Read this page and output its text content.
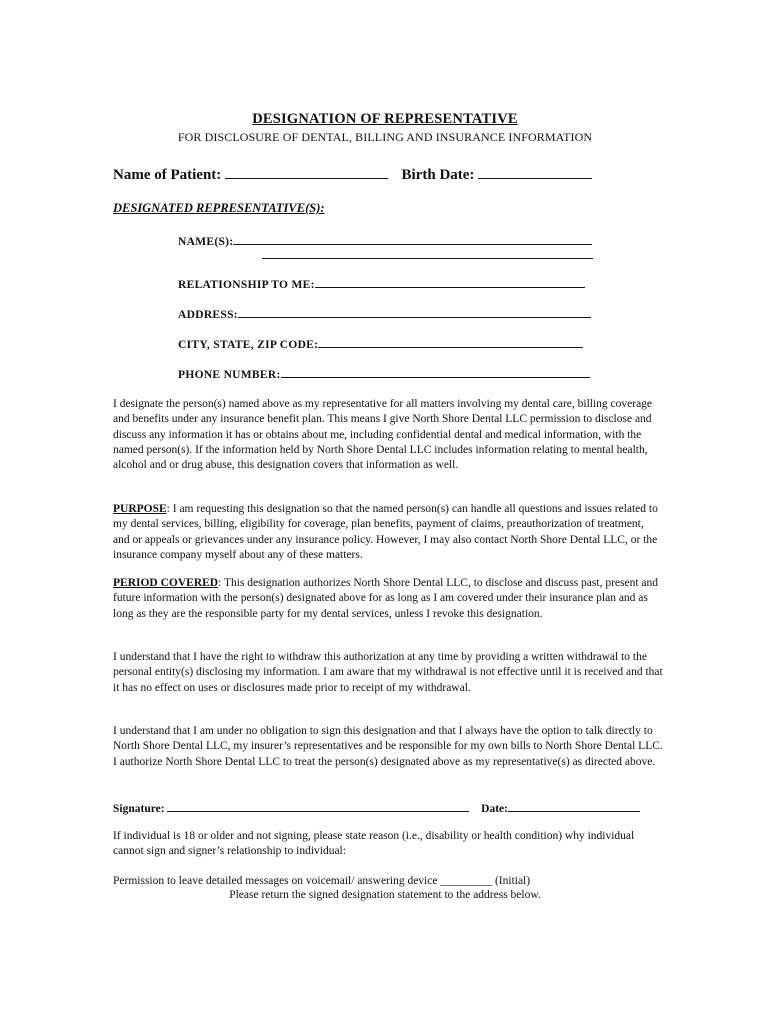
DESIGNATION OF REPRESENTATIVE
FOR DISCLOSURE OF DENTAL, BILLING AND INSURANCE INFORMATION
Name of Patient:	Birth Date:
DESIGNATED REPRESENTATIVE(S):
NAME(S):
RELATIONSHIP TO ME:
ADDRESS:
CITY, STATE, ZIP CODE:
PHONE NUMBER:
I designate the person(s) named above as my representative for all matters involving my dental care, billing coverage and benefits under any insurance benefit plan. This means I give North Shore Dental LLC permission to disclose and discuss any information it has or obtains about me, including confidential dental and medical information, with the named person(s). If the information held by North Shore Dental LLC includes information relating to mental health, alcohol and or drug abuse, this designation covers that information as well.
PURPOSE: I am requesting this designation so that the named person(s) can handle all questions and issues related to my dental services, billing, eligibility for coverage, plan benefits, payment of claims, preauthorization of treatment, and or appeals or grievances under any insurance policy. However, I may also contact North Shore Dental LLC, or the insurance company myself about any of these matters.
PERIOD COVERED: This designation authorizes North Shore Dental LLC, to disclose and discuss past, present and future information with the person(s) designated above for as long as I am covered under their insurance plan and as long as they are the responsible party for my dental services, unless I revoke this designation.
I understand that I have the right to withdraw this authorization at any time by providing a written withdrawal to the personal entity(s) disclosing my information. I am aware that my withdrawal is not effective until it is received and that it has no effect on uses or disclosures made prior to receipt of my withdrawal.
I understand that I am under no obligation to sign this designation and that I always have the option to talk directly to North Shore Dental LLC, my insurer’s representatives and be responsible for my own bills to North Shore Dental LLC. I authorize North Shore Dental LLC to treat the person(s) designated above as my representative(s) as directed above.
Signature:	Date:
If individual is 18 or older and not signing, please state reason (i.e., disability or health condition) why individual cannot sign and signer’s relationship to individual:
Permission to leave detailed messages on voicemail/ answering device _________ (Initial)
Please return the signed designation statement to the address below.
